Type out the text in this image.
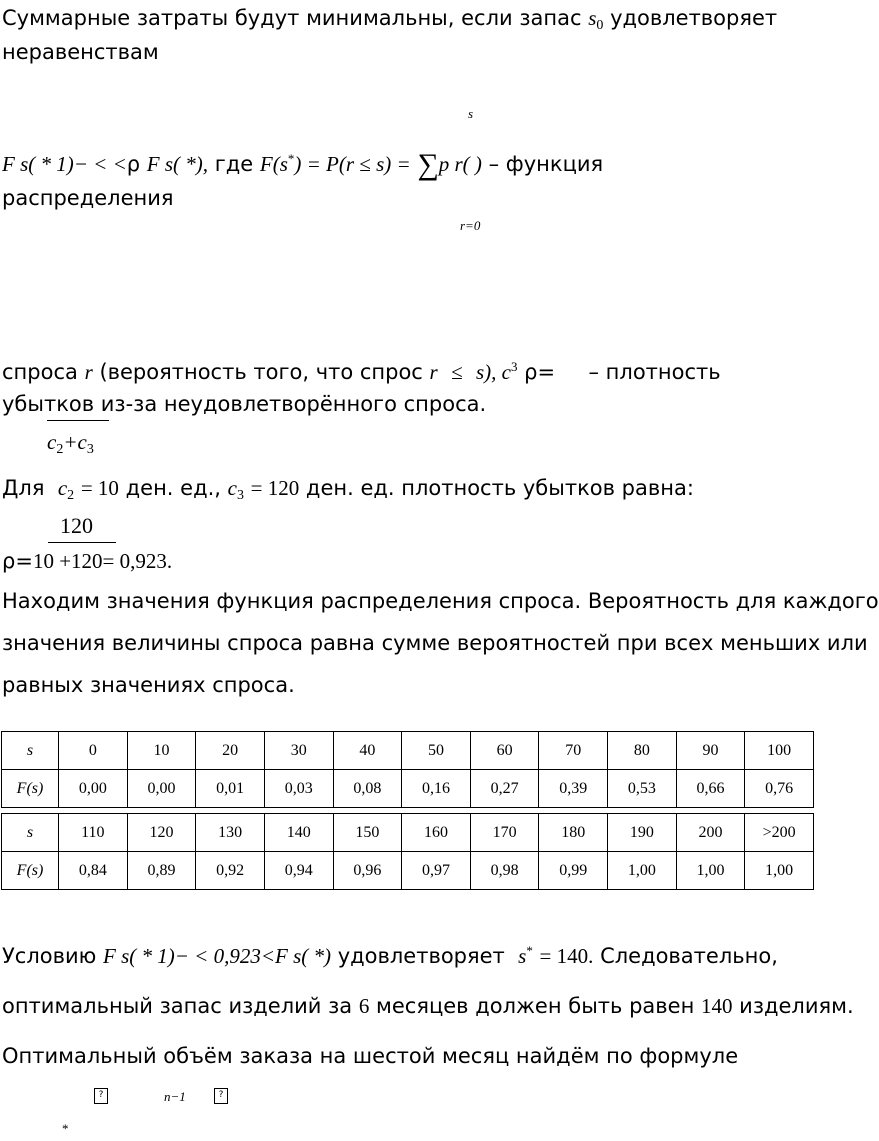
Суммарные затраты будут минимальны, если запас $s_0$ удовлетворяет
неравенствам
s
F s( * 1)− < <ρ F s( *), где F(s*) = P(r ≤ s) = ∑p r( ) – функция
распределения
r=0
спроса r (вероятность того, что спрос r ≤ s), $c^3$ ρ= – плотность
убытков из-за неудовлетворённого спроса.
$c_2+c_3$
Для $c_2 = 10$ ден. ед., $c_3 = 120$ ден. ед. плотность убытков равна:
120
ρ=10 +120= 0,923.
Находим значения функция распределения спроса. Вероятность для каждого
значения величины спроса равна сумме вероятностей при всех меньших или
равных значениях спроса.
s	0	10	20	30	40	50	60	70	80	90	100
F(s)	0,00	0,00	0,01	0,03	0,08	0,16	0,27	0,39	0,53	0,66	0,76
s	110	120	130	140	150	160	170	180	190	200	>200
F(s)	0,84	0,89	0,92	0,94	0,96	0,97	0,98	0,99	1,00	1,00	1,00
Условию F s( * 1)− < 0,923<F s( *) удовлетворяет s* = 140. Следовательно,
оптимальный запас изделий за 6 месяцев должен быть равен 140 изделиям.
Оптимальный объём заказа на шестой месяц найдём по формуле
?	n−1	?
*
